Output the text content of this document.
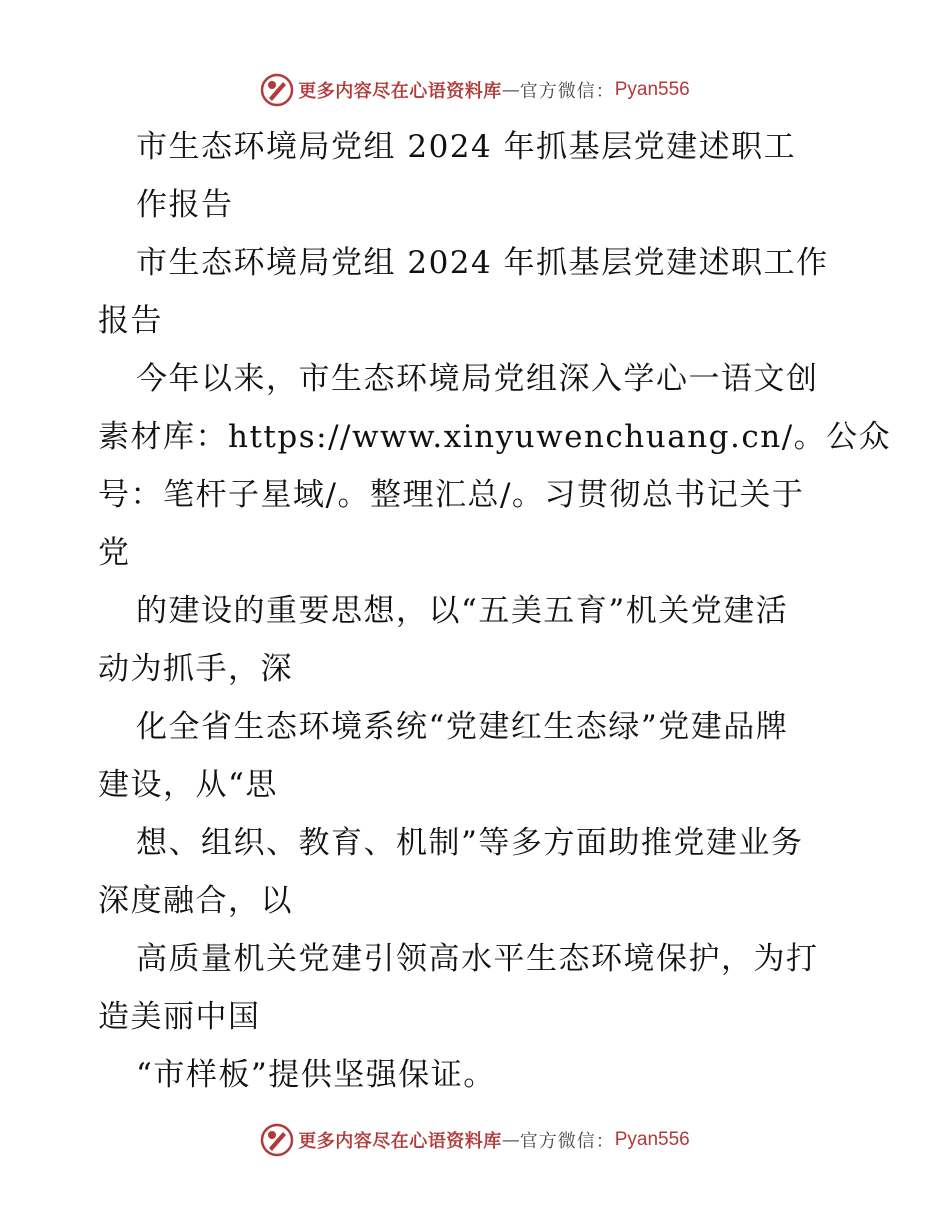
更多内容尽在心语资料库 — 官方微信： Pyan556
市生态环境局党组 2024 年抓基层党建述职工
作报告
市生态环境局党组 2024 年抓基层党建述职工作
报告
今年以来，市生态环境局党组深入学心一语文创
素材库：https://www.xinyuwenchuang.cn/。公众
号：笔杆子星域/。整理汇总/。习贯彻总书记关于
党
的建设的重要思想，以“五美五育”机关党建活
动为抓手，深
化全省生态环境系统“党建红生态绿”党建品牌
建设，从“思
想、组织、教育、机制”等多方面助推党建业务
深度融合，以
高质量机关党建引领高水平生态环境保护，为打
造美丽中国
“市样板”提供坚强保证。
更多内容尽在心语资料库 — 官方微信： Pyan556
